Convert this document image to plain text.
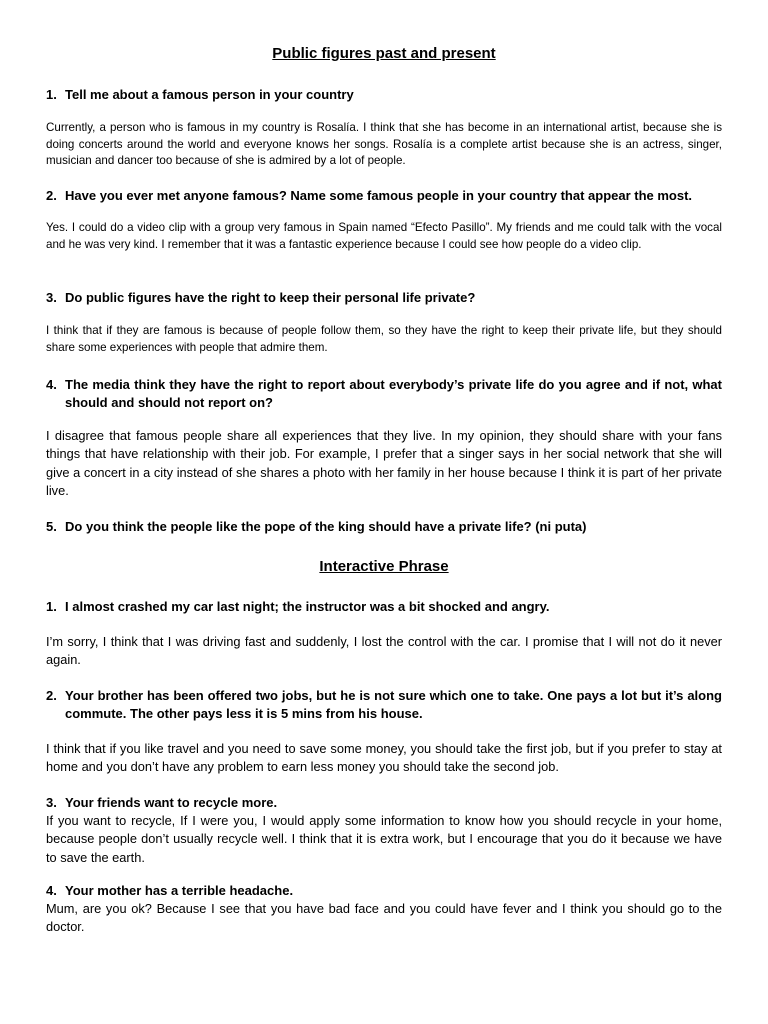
Public figures past and present
1. Tell me about a famous person in your country

Currently, a person who is famous in my country is Rosalía. I think that she has become in an international artist, because she is doing concerts around the world and everyone knows her songs. Rosalía is a complete artist because she is an actress, singer, musician and dancer too because of she is admired by a lot of people.

2. Have you ever met anyone famous? Name some famous people in your country that appear the most.

Yes. I could do a video clip with a group very famous in Spain named “Efecto Pasillo”. My friends and me could talk with the vocal and he was very kind. I remember that it was a fantastic experience because I could see how people do a video clip.

3. Do public figures have the right to keep their personal life private?

I think that if they are famous is because of people follow them, so they have the right to keep their private life, but they should share some experiences with people that admire them.

4. The media think they have the right to report about everybody’s private life do you agree and if not, what should and should not report on?

I disagree that famous people share all experiences that they live. In my opinion, they should share with your fans things that have relationship with their job. For example, I prefer that a singer says in her social network that she will give a concert in a city instead of she shares a photo with her family in her house because I think it is part of her private live.

5. Do you think the people like the pope of the king should have a private life? (ni puta)
Interactive Phrase
1. I almost crashed my car last night; the instructor was a bit shocked and angry.

I’m sorry, I think that I was driving fast and suddenly, I lost the control with the car. I promise that I will not do it never again.

2. Your brother has been offered two jobs, but he is not sure which one to take. One pays a lot but it’s along commute. The other pays less it is 5 mins from his house.

I think that if you like travel and you need to save some money, you should take the first job, but if you prefer to stay at home and you don’t have any problem to earn less money you should take the second job.

3. Your friends want to recycle more.

If you want to recycle, If I were you, I would apply some information to know how you should recycle in your home, because people don’t usually recycle well. I think that it is extra work, but I encourage that you do it because we have to save the earth.

4. Your mother has a terrible headache.

Mum, are you ok? Because I see that you have bad face and you could have fever and I think you should go to the doctor.
